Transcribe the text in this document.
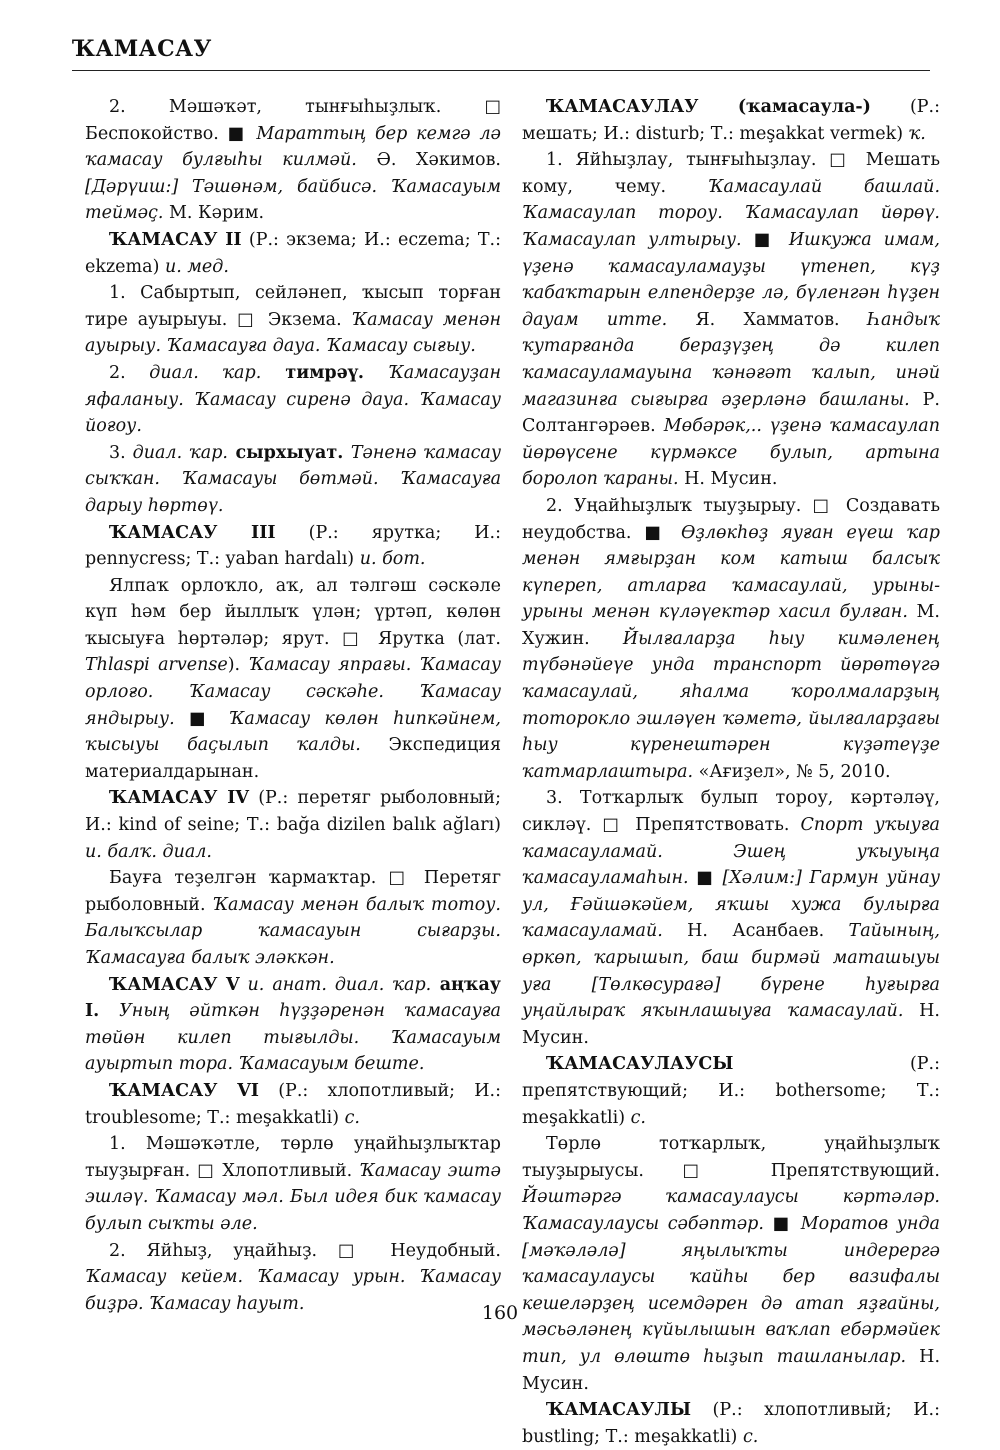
ҠАМАСАУ

2. Мәшәҡәт, тынғыһыҙлыҡ. □ Беспокойство. ■ Мараттың бер кемгә лә ҡамасау булғыһы килмәй. Ә. Хәкимов. [Дәрүиш:] Тәшөнәм, байбисә. Ҡамасауым теймәҫ. М. Кәрим.

ҠАМАСАУ II (Р.: экзема; И.: eczema; Т.: ekzema) и. мед.

1. Сабыртып, сейләнеп, ҡысып торған тире ауырыуы. □ Экзема. Ҡамасау менән ауырыу. Ҡамасауға дауа. Ҡамасау сығыу.

2. диал. ҡар. тимрәү. Ҡамасауҙан яфаланыу. Ҡамасау сиренә дауа. Ҡамасау йоғоу.

3. диал. ҡар. сырхыуат. Тәненә ҡамасау сыҡҡан. Ҡамасауы бөтмәй. Ҡамасауға дарыу һөртөү.

ҠАМАСАУ III (Р.: ярутка; И.: pennycress; Т.: yaban hardalı) и. бот.

Ялпаҡ орлоҡло, аҡ, ал тәлгәш сәскәле күп һәм бер йыллыҡ үлән; үртәп, көлөн ҡысыуға һөртәләр; ярут. □ Ярутка (лат. Thlaspi arvense). Ҡамасау япрағы. Ҡамасау орлоғо. Ҡамасау сәскәһе. Ҡамасау яндырыу. ■ Ҡамасау көлөн һипкәйнем, ҡысыуы баҫылып ҡалды. Экспедиция материалдарынан.

ҠАМАСАУ IV (Р.: перетяг рыболовный; И.: kind of seine; Т.: bağa dizilen balık ağları) и. балҡ. диал.

Бауға теҙелгән ҡармаҡтар. □ Перетяг рыболовный. Ҡамасау менән балыҡ тотоу. Балыҡсылар ҡамасауын сығарҙы. Ҡамасауға балыҡ эләккән.

ҠАМАСАУ V и. анат. диал. ҡар. аңҡау I. Уның әйткән һүҙҙәренән ҡамасауға төйөн килеп тығылды. Ҡамасауым ауыртып тора. Ҡамасауым беште.

ҠАМАСАУ VI (Р.: хлопотливый; И.: troublesome; Т.: meşakkatli) с.

1. Мәшәҡәтле, төрлө уңайһыҙлыҡтар тыуҙырған. □ Хлопотливый. Ҡамасау эштә эшләү. Ҡамасау мәл. Был идея бик ҡамасау булып сыҡты әле.

2. Яйһыҙ, уңайһыҙ. □ Неудобный. Ҡамасау кейем. Ҡамасау урын. Ҡамасау биҙрә. Ҡамасау һауыт.

ҠАМАСАУЛАУ (ҡамасаула-) (Р.: мешать; И.: disturb; Т.: meşakkat vermek) ҡ.

1. Яйһыҙлау, тынғыһыҙлау. □ Мешать кому, чему. Ҡамасаулай башлай. Ҡамасаулап тороу. Ҡамасаулап йөрөү. Ҡамасаулап ултырыу. ■ Ишкужа имам, үҙенә ҡамасауламауҙы үтенеп, күҙ ҡабаҡтарын елпендерҙе лә, бүленгән һүҙен дауам итте. Я. Хамматов. Һандыҡ ҡутарғанда бераҙүҙең дә килеп ҡамасауламауына ҡәнәғәт ҡалып, инәй магазинға сығырға әҙерләнә башланы. Р. Солтангәрәев. Мөбәрәк,.. үҙенә ҡамасаулап йөрөүсене күрмәксе булып, артына боролоп ҡараны. Н. Мусин.

2. Уңайһыҙлыҡ тыуҙырыу. □ Создавать неудобства. ■ Өҙлөкһөҙ яуған еүеш ҡар менән ямғырҙан ком катыш балсыҡ күпереп, атларға ҡамасаулай, урыны-урыны менән күләүектәр хасил булған. М. Хужин. Йылғаларҙа һыу кимәленең түбәнәйеүе унда транспорт йөрөтөүгә ҡамасаулай, яһалма ҡоролмаларҙың тоторокло эшләүен ҡәметә, йылғаларҙағы һыу күренештәрен күҙәтеүҙе ҡатмарлаштыра. «Ағиҙел», № 5, 2010.

3. Тотҡарлыҡ булып тороу, кәртәләү, сикләү. □ Препятствовать. Спорт уҡыуға ҡамасауламай. Эшең уҡыуыңа ҡамасауламаһын. ■ [Хәлим:] Гармун уйнау ул, Ғәйшәкәйем, яҡшы хужа булырға ҡамасауламай. Н. Асанбаев. Тайының, өркөп, ҡарышып, баш бирмәй маташыуы уға [Төлкөсурағә] бүрене һуғырға уңайлыраҡ яҡынлашыуға ҡамасаулай. Н. Мусин.

ҠАМАСАУЛАУСЫ (Р.: препятствующий; И.: bothersome; Т.: meşakkatli) с.

Төрлө тотҡарлыҡ, уңайһыҙлыҡ тыуҙырыусы. □ Препятствующий. Йәштәргә ҡамасаулаусы кәртәләр. Ҡамасаулаусы сәбәптәр. ■ Моратов унда [мәҡәләлә] яңылыҡты индерергә ҡамасаулаусы ҡайһы бер вазифалы кешеләрҙең исемдәрен дә атап яҙғайны, мәсьәләнең күйылышын ваҡлап ебәрмәйек тип, ул өлөштө һыҙып ташланылар. Н. Мусин.

ҠАМАСАУЛЫ (Р.: хлопотливый; И.: bustling; Т.: meşakkatli) с.

160
